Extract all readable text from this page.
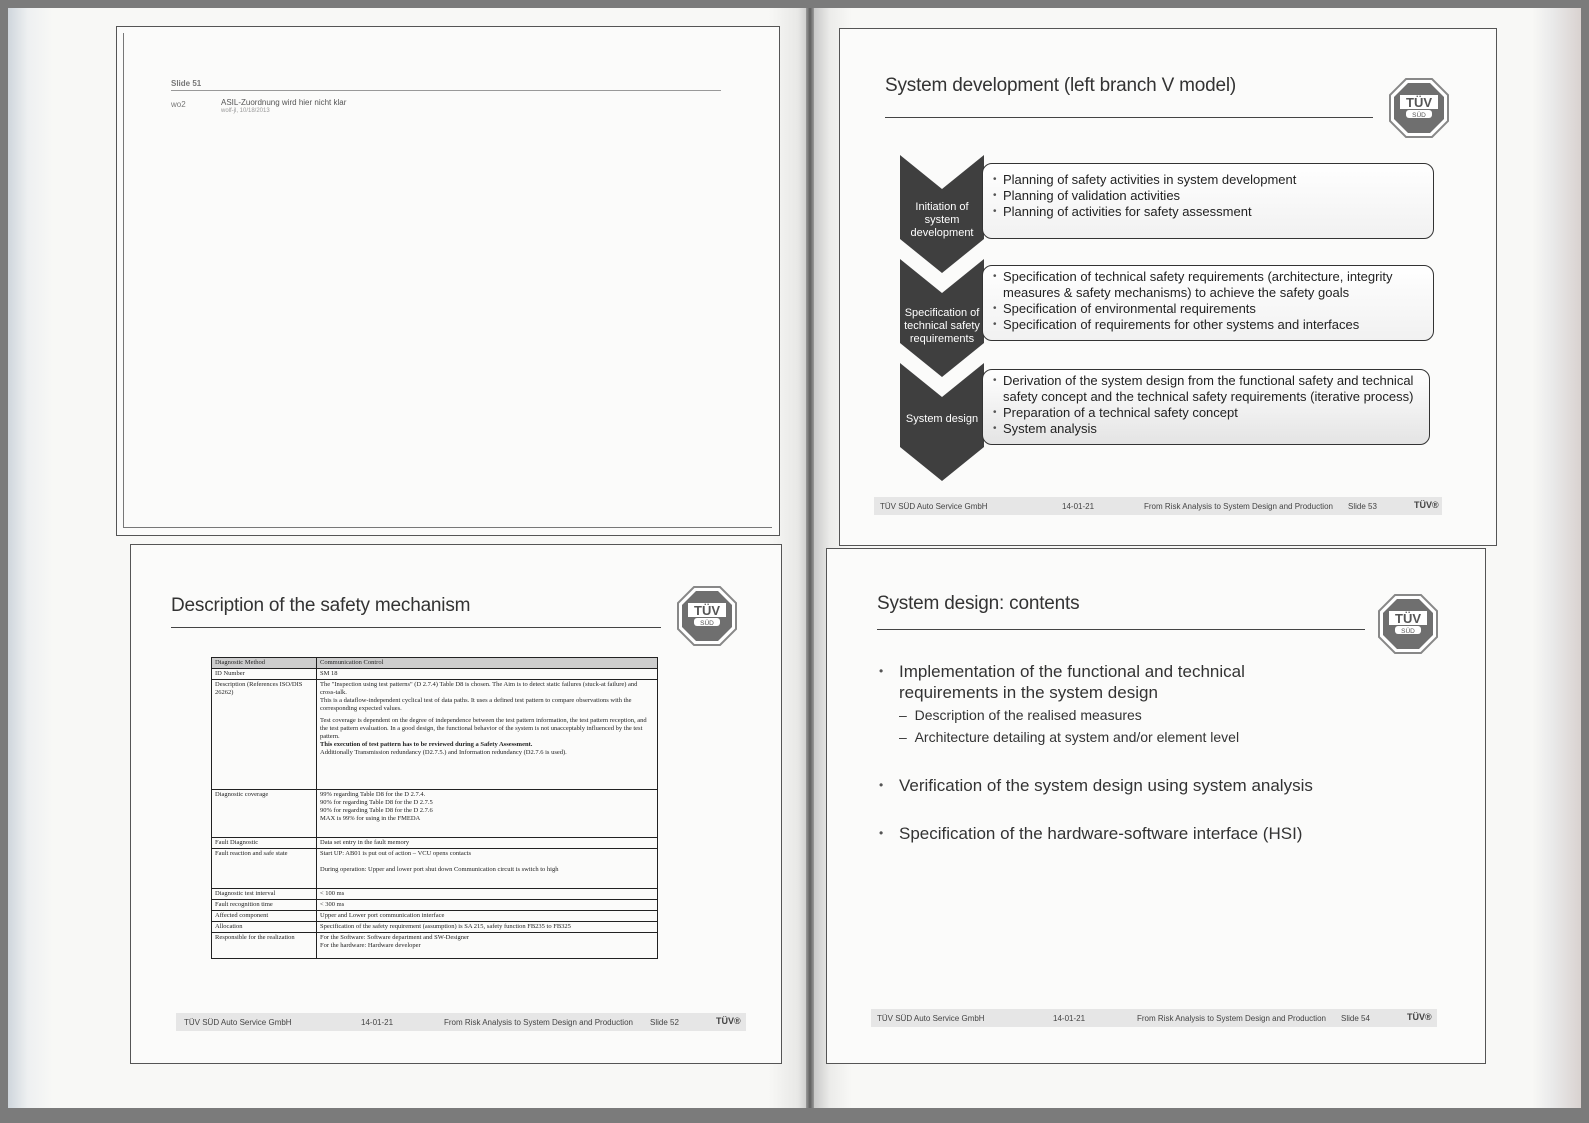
Slide 51
wo2	ASIL-Zuordnung wird hier nicht klar
wolf-jl, 10/18/2013
Description of the safety mechanism	TÜV
SÜD
Diagnostic Method	Communication Control
ID Number	SM 18
Description (References ISO/DIS 26262)	The "Inspection using test patterns" (D 2.7.4) Table D8 is chosen. The Aim is to detect static failures (stuck-at failure) and cross-talk.
This is a dataflow-independent cyclical test of data paths. It uses a defined test pattern to compare observations with the corresponding expected values.
Test coverage is dependent on the degree of independence between the test pattern information, the test pattern reception, and the test pattern evaluation. In a good design, the functional behavior of the system is not unacceptably influenced by the test pattern.
This execution of test pattern has to be reviewed during a Safety Assessment.
Additionally Transmission redundancy (D2.7.5.) and Information redundancy (D2.7.6 is used).

Diagnostic coverage	99% regarding Table D8 for the D 2.7.4.
90% for regarding Table D8 for the D 2.7.5
90% for regarding Table D8 for the D 2.7.6
MAX is 99% for using in the FMEDA

Fault Diagnostic	Data set entry in the fault memory
Fault reaction and safe state	Start UP: AB01 is put out of action – VCU opens contacts
During operation: Upper and lower port shut down Communication circuit is switch to high

Diagnostic test interval	< 100 ms
Fault recognition time	< 300 ms
Affected component	Upper and Lower port communication interface
Allocation	Specification of the safety requirement (assumption) is SA 215, safety function FB235 to FB325
Responsible for the realization	For the Software: Software department and SW-Designer
For the hardware: Hardware developer
TÜV SÜD Auto Service GmbH	14-01-21	From Risk Analysis to System Design and Production Slide 52	TÜV®
System development (left branch V model)
TÜV
SÜD
Initiation of system development
Specification of technical safety requirements
System design
• Planning of safety activities in system development
• Planning of validation activities
• Planning of activities for safety assessment
• Specification of technical safety requirements (architecture, integrity measures & safety mechanisms) to achieve the safety goals
• Specification of environmental requirements
• Specification of requirements for other systems and interfaces
• Derivation of the system design from the functional safety and technical safety concept and the technical safety requirements (iterative process)
• Preparation of a technical safety concept
• System analysis
TÜV SÜD Auto Service GmbH	14-01-21	From Risk Analysis to System Design and Production Slide 53	TÜV®
System design: contents
TÜV
SÜD
• Implementation of the functional and technical requirements in the system design
–  Description of the realised measures
–  Architecture detailing at system and/or element level
• Verification of the system design using system analysis
• Specification of the hardware-software interface (HSI)
TÜV SÜD Auto Service GmbH	14-01-21	From Risk Analysis to System Design and Production Slide 54	TÜV®
